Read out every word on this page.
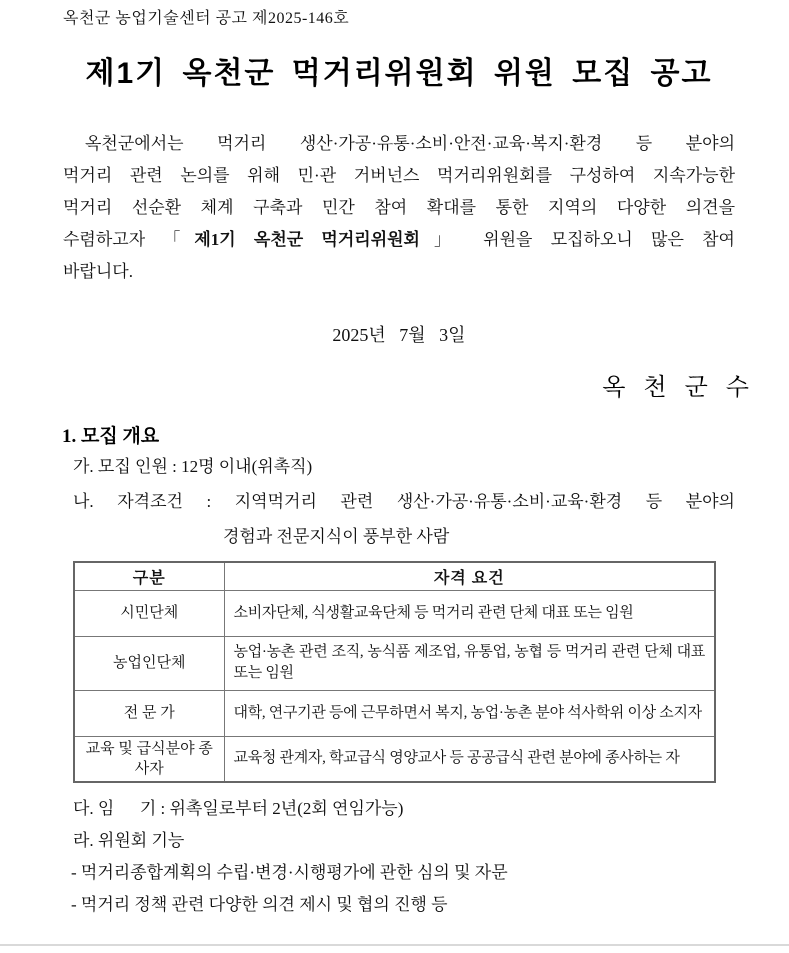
옥천군 농업기술센터 공고 제2025-146호
제1기 옥천군 먹거리위원회 위원 모집 공고
옥천군에서는 먹거리 생산·가공·유통·소비·안전·교육·복지·환경 등 분야의
먹거리 관련 논의를 위해 민·관 거버넌스 먹거리위원회를 구성하여 지속가능한
먹거리 선순환 체계 구축과 민간 참여 확대를 통한 지역의 다양한 의견을
수렴하고자 「제1기 옥천군 먹거리위원회」 위원을 모집하오니 많은 참여
바랍니다.
2025년   7월   3일
옥 천 군 수
1. 모집 개요
가. 모집 인원 : 12명 이내(위촉직)
나. 자격조건 : 지역먹거리 관련 생산·가공·유통·소비·교육·환경 등 분야의
경험과 전문지식이 풍부한 사람
구분	자격 요건
시민단체	소비자단체, 식생활교육단체 등 먹거리 관련 단체 대표 또는 임원
농업인단체	농업·농촌 관련 조직, 농식품 제조업, 유통업, 농협 등 먹거리 관련 단체 대표 또는 임원
전 문 가	대학, 연구기관 등에 근무하면서 복지, 농업·농촌 분야 석사학위 이상 소지자
교육 및 급식분야 종사자	교육청 관계자, 학교급식 영양교사 등 공공급식 관련 분야에 종사하는 자
다. 임      기 : 위촉일로부터 2년(2회 연임가능)
라. 위원회 기능
- 먹거리종합계획의 수립·변경·시행평가에 관한 심의 및 자문
- 먹거리 정책 관련 다양한 의견 제시 및 협의 진행 등
